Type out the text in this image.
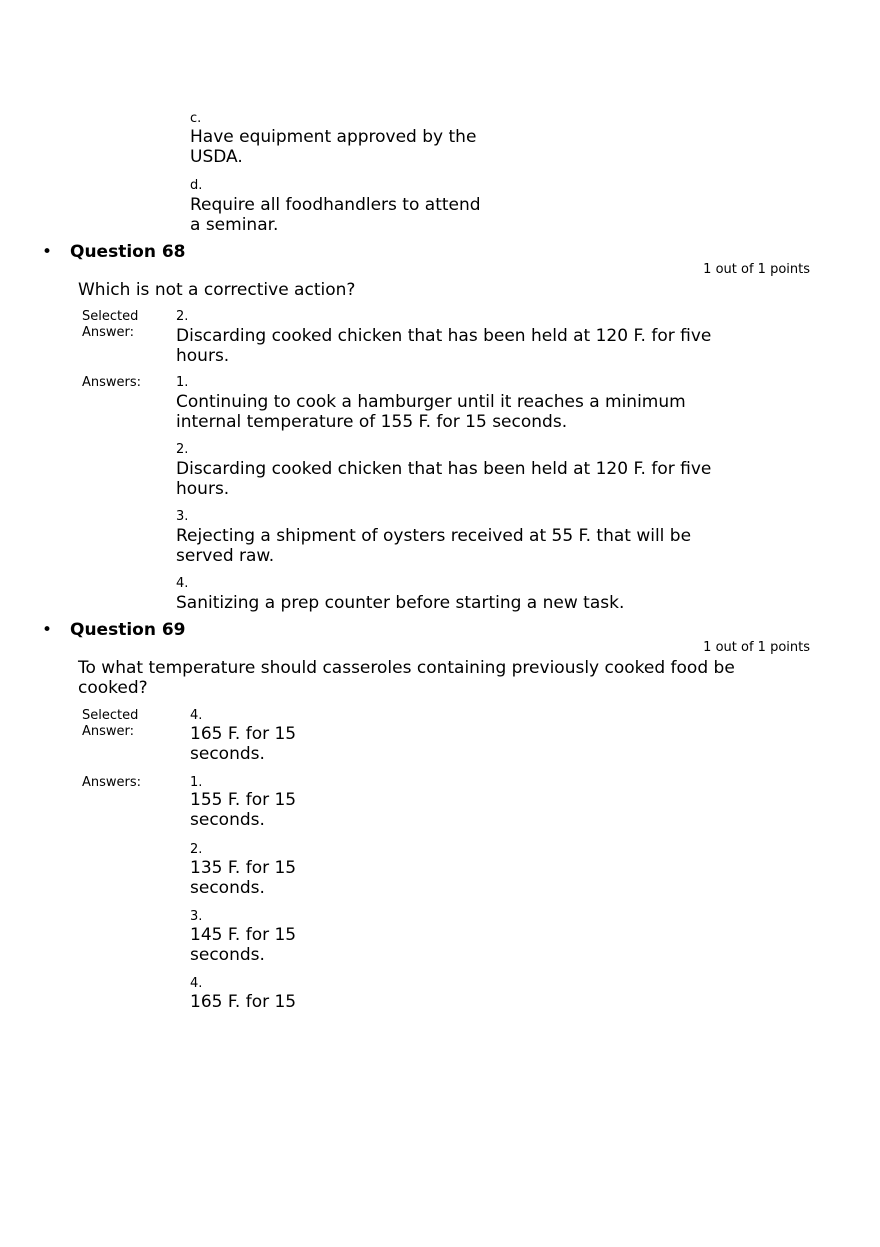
c.
Have equipment approved by the USDA.
d.
Require all foodhandlers to attend a seminar.
• Question 68
1 out of 1 points
Which is not a corrective action?
Selected Answer:
2.
Discarding cooked chicken that has been held at 120 F. for five hours.
Answers:	1.
Continuing to cook a hamburger until it reaches a minimum internal temperature of 155 F. for 15 seconds.
2.
Discarding cooked chicken that has been held at 120 F. for five hours.
3.
Rejecting a shipment of oysters received at 55 F. that will be served raw.
4.
Sanitizing a prep counter before starting a new task.
• Question 69
1 out of 1 points
To what temperature should casseroles containing previously cooked food be cooked?
Selected Answer:
4.
165 F. for 15 seconds.
Answers:	1.
155 F. for 15 seconds.
2.
135 F. for 15 seconds.
3.
145 F. for 15 seconds.
4.
165 F. for 15
